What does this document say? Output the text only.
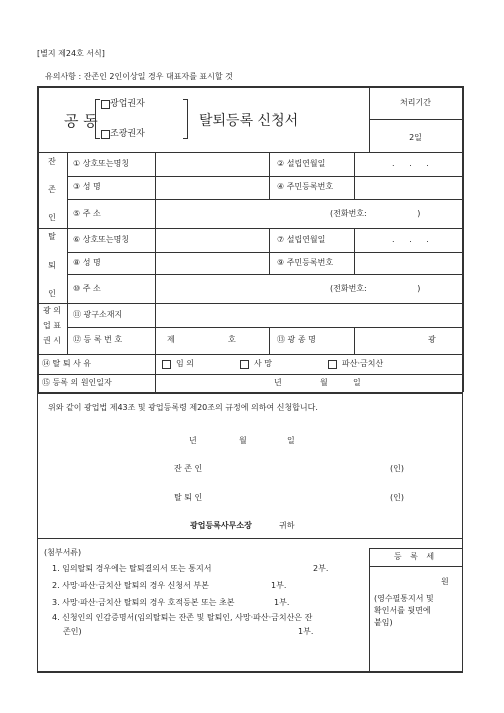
[별지 제24호 서식]
유의사항 : 잔존인 2인이상일 경우 대표자를 표시할 것
공 동
광업권자
조광권자
탈퇴등록 신청서
처리기간
2일
잔
존
인
① 상호또는명칭	② 설립연월일	. . .
③ 성 명	④ 주민등록번호
⑤ 주 소	(전화번호: )
탈
퇴
인
⑥ 상호또는명칭	⑦ 설립연월일	. . .
⑧ 성 명	⑨ 주민등록번호
⑩ 주 소	(전화번호: )
광 의
업 표
권 시
⑪ 광구소재지
⑫ 등 록 번 호	제	호	⑬ 광 종 명	광
⑭ 탈 퇴 사 유	임 의	사 망	파산·금치산
⑮ 등록 의 원인일자	년	월	일
위와 같이 광업법 제43조 및 광업등록령 제20조의 규정에 의하여 신청합니다.
년	월	일
잔 존 인	(인)
탈 퇴 인	(인)
광업등록사무소장	귀하
(첨부서류)
1. 임의탈퇴 경우에는 탈퇴결의서 또는 통지서	2부.
2. 사망·파산·금치산 탈퇴의 경우 신청서 부본	1부.
3. 사망·파산·금치산 탈퇴의 경우 호적등본 또는 초본	1부.
4. 신청인의 인감증명서(임의탈퇴는 잔존 및 탈퇴인, 사망·파산·금치산은 잔
존인)	1부.
등 록 세
원
(영수필통지서 및
확인서를 뒷면에
붙임)
